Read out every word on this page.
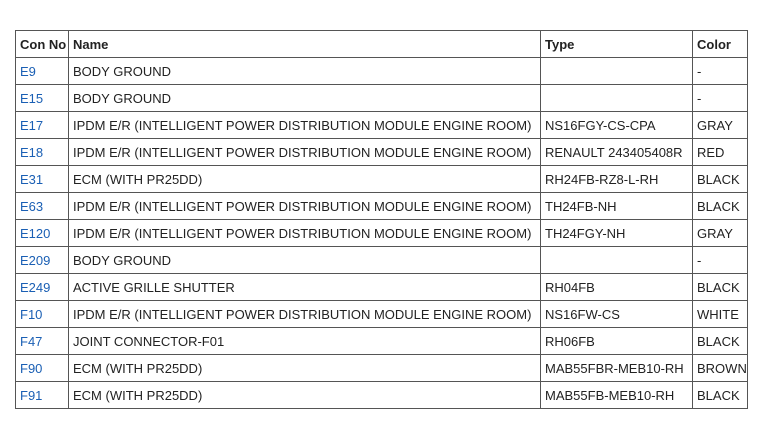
Con No	Name	Type	Color
E9	BODY GROUND		-
E15	BODY GROUND		-
E17	IPDM E/R (INTELLIGENT POWER DISTRIBUTION MODULE ENGINE ROOM)	NS16FGY-CS-CPA	GRAY
E18	IPDM E/R (INTELLIGENT POWER DISTRIBUTION MODULE ENGINE ROOM)	RENAULT 243405408R	RED
E31	ECM (WITH PR25DD)	RH24FB-RZ8-L-RH	BLACK
E63	IPDM E/R (INTELLIGENT POWER DISTRIBUTION MODULE ENGINE ROOM)	TH24FB-NH	BLACK
E120	IPDM E/R (INTELLIGENT POWER DISTRIBUTION MODULE ENGINE ROOM)	TH24FGY-NH	GRAY
E209	BODY GROUND		-
E249	ACTIVE GRILLE SHUTTER	RH04FB	BLACK
F10	IPDM E/R (INTELLIGENT POWER DISTRIBUTION MODULE ENGINE ROOM)	NS16FW-CS	WHITE
F47	JOINT CONNECTOR-F01	RH06FB	BLACK
F90	ECM (WITH PR25DD)	MAB55FBR-MEB10-RH	BROWN
F91	ECM (WITH PR25DD)	MAB55FB-MEB10-RH	BLACK
